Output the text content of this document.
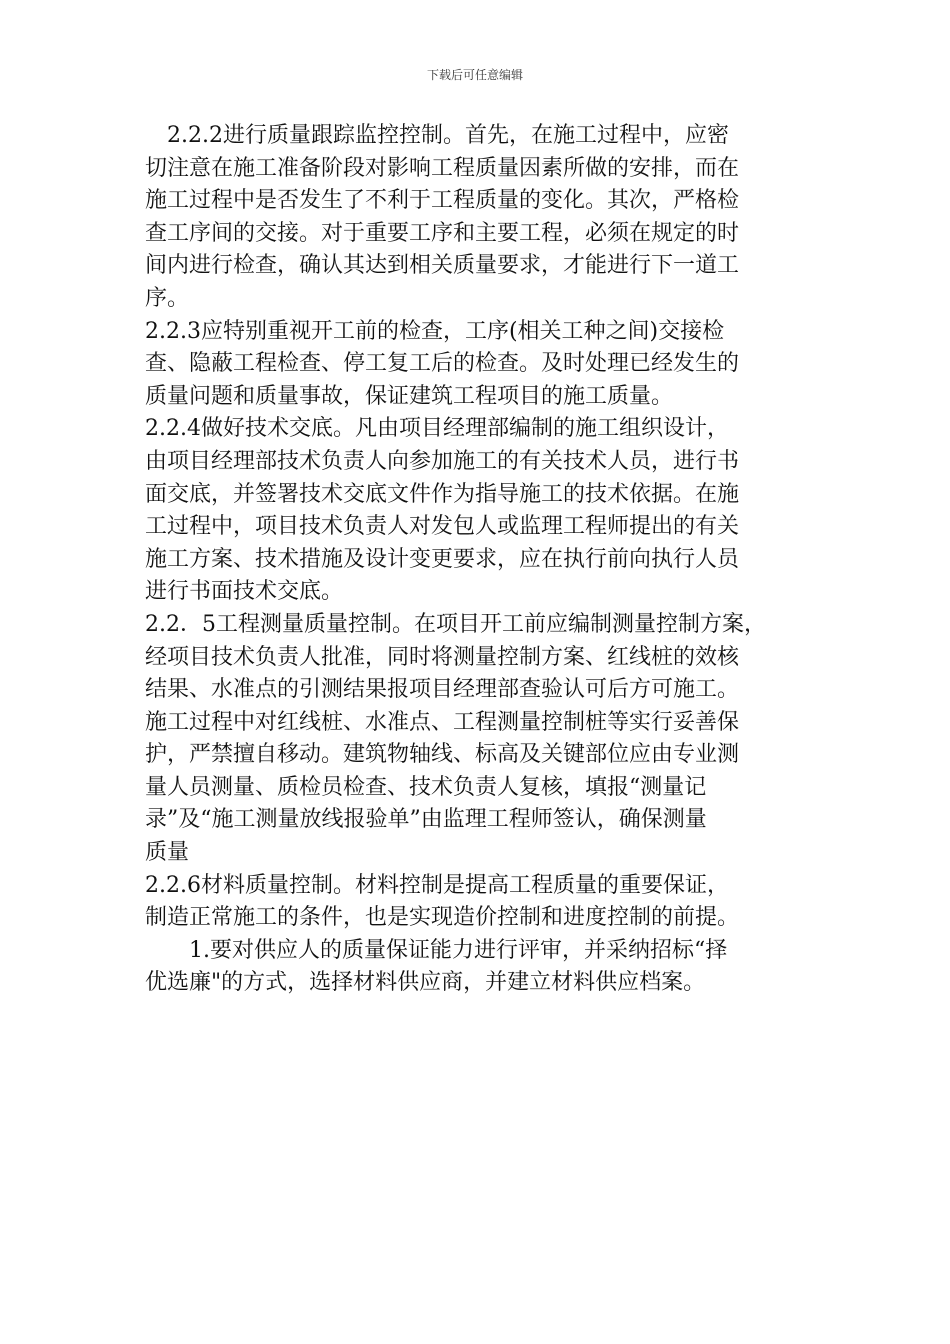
下载后可任意编辑
2.2.2进行质量跟踪监控控制。首先，在施工过程中，应密
切注意在施工准备阶段对影响工程质量因素所做的安排，而在
施工过程中是否发生了不利于工程质量的变化。其次，严格检
查工序间的交接。对于重要工序和主要工程，必须在规定的时
间内进行检查，确认其达到相关质量要求，才能进行下一道工
序。
2.2.3应特别重视开工前的检查，工序(相关工种之间)交接检
查、隐蔽工程检查、停工复工后的检查。及时处理已经发生的
质量问题和质量事故，保证建筑工程项目的施工质量。
2.2.4做好技术交底。凡由项目经理部编制的施工组织设计，
由项目经理部技术负责人向参加施工的有关技术人员，进行书
面交底，并签署技术交底文件作为指导施工的技术依据。在施
工过程中，项目技术负责人对发包人或监理工程师提出的有关
施工方案、技术措施及设计变更要求，应在执行前向执行人员
进行书面技术交底。
2.2．5工程测量质量控制。在项目开工前应编制测量控制方案，
经项目技术负责人批准，同时将测量控制方案、红线桩的效核
结果、水准点的引测结果报项目经理部查验认可后方可施工。
施工过程中对红线桩、水准点、工程测量控制桩等实行妥善保
护，严禁擅自移动。建筑物轴线、标高及关键部位应由专业测
量人员测量、质检员检查、技术负责人复核，填报“测量记
录”及“施工测量放线报验单”由监理工程师签认，确保测量
质量
2.2.6材料质量控制。材料控制是提高工程质量的重要保证，
制造正常施工的条件，也是实现造价控制和进度控制的前提。
1.要对供应人的质量保证能力进行评审，并采纳招标“择
优选廉"的方式，选择材料供应商，并建立材料供应档案。
